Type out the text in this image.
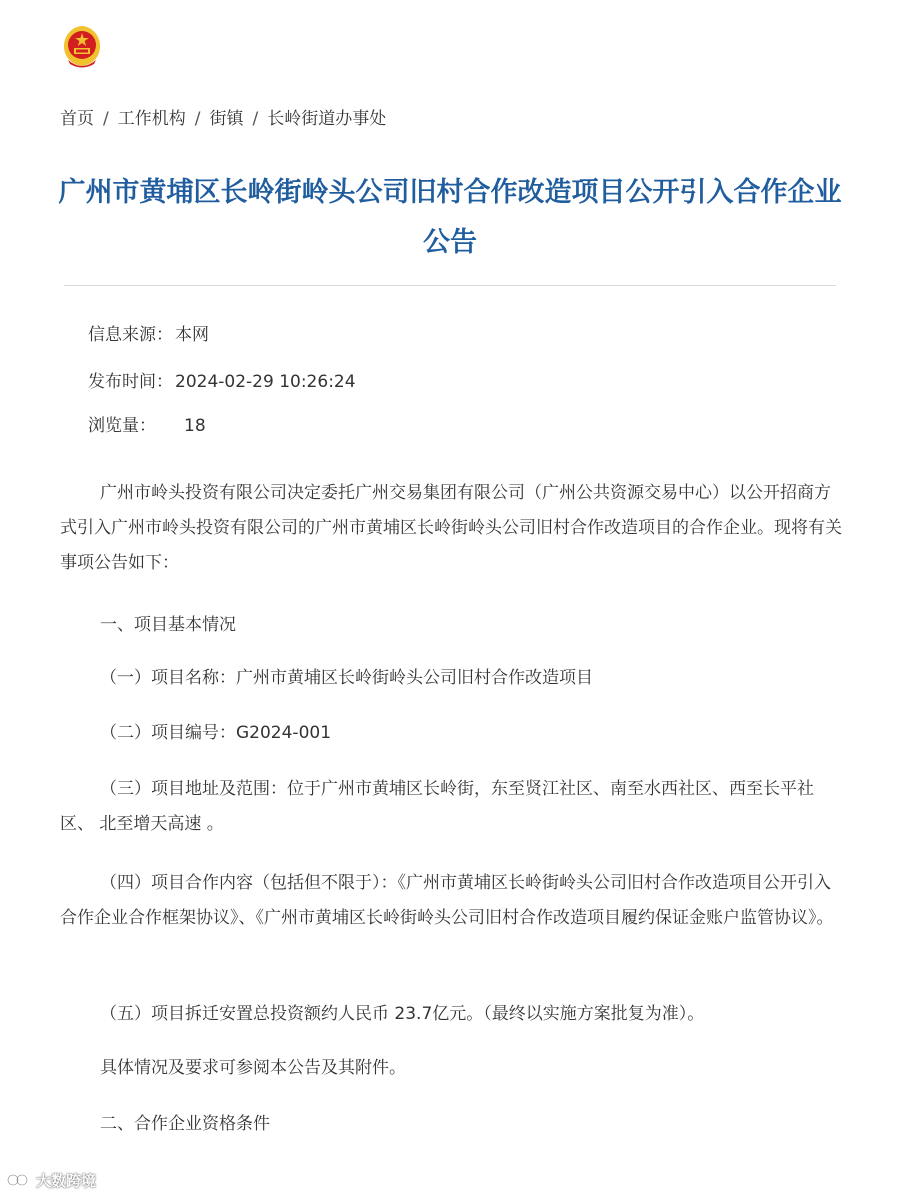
首页 / 工作机构 / 街镇 / 长岭街道办事处
广州市黄埔区长岭街岭头公司旧村合作改造项目公开引入合作企业公告
信息来源： 本网
发布时间： 2024-02-29 10:26:24
浏览量： 18

广州市岭头投资有限公司决定委托广州交易集团有限公司（广州公共资源交易中心）以公开招商方式引入广州市岭头投资有限公司的广州市黄埔区长岭街岭头公司旧村合作改造项目的合作企业。现将有关事项公告如下：

一、项目基本情况

（一）项目名称：广州市黄埔区长岭街岭头公司旧村合作改造项目

（二）项目编号：G2024-001

（三）项目地址及范围：位于广州市黄埔区长岭街，东至贤江社区、南至水西社区、西至长平社区、 北至增天高速 。

（四）项目合作内容（包括但不限于）：《广州市黄埔区长岭街岭头公司旧村合作改造项目公开引入合作企业合作框架协议》、《广州市黄埔区长岭街岭头公司旧村合作改造项目履约保证金账户监管协议》。

（五）项目拆迁安置总投资额约人民币 23.7亿元。（最终以实施方案批复为准）。

具体情况及要求可参阅本公告及其附件。

二、合作企业资格条件

大数跨境
